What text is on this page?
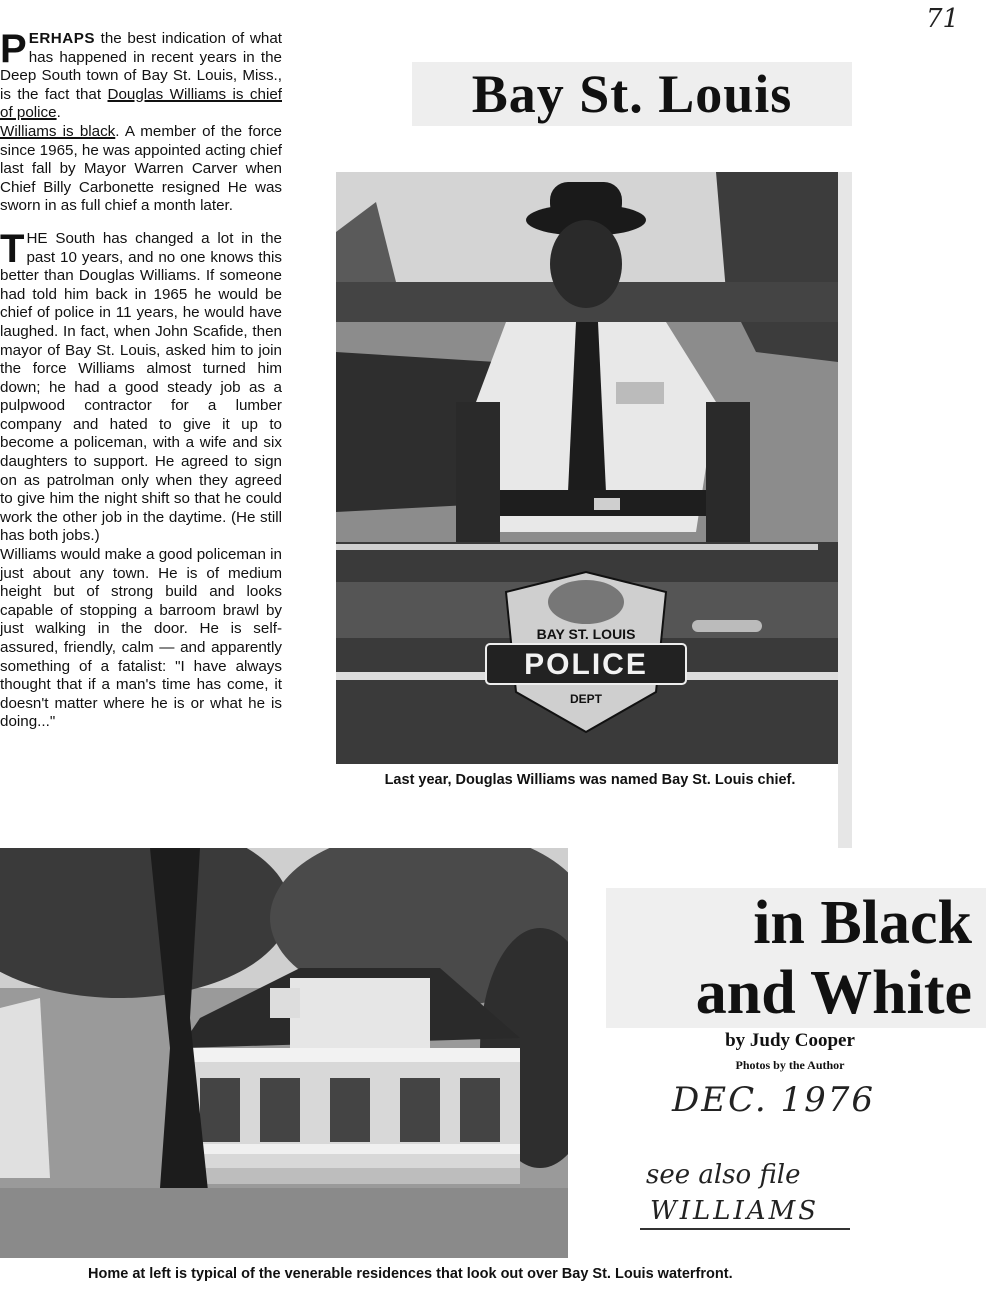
71

PERHAPS the best indication of what has happened in recent years in the Deep South town of Bay St. Louis, Miss., is the fact that Douglas Williams is chief of police.

Williams is black. A member of the force since 1965, he was appointed acting chief last fall by Mayor Warren Carver when Chief Billy Carbonette resigned He was sworn in as full chief a month later.

THE South has changed a lot in the past 10 years, and no one knows this better than Douglas Williams. If someone had told him back in 1965 he would be chief of police in 11 years, he would have laughed. In fact, when John Scafide, then mayor of Bay St. Louis, asked him to join the force Williams almost turned him down; he had a good steady job as a pulpwood contractor for a lumber company and hated to give it up to become a policeman, with a wife and six daughters to support. He agreed to sign on as patrolman only when they agreed to give him the night shift so that he could work the other job in the daytime. (He still has both jobs.)

Williams would make a good policeman in just about any town. He is of medium height but of strong build and looks capable of stopping a barroom brawl by just walking in the door. He is self-assured, friendly, calm — and apparently something of a fatalist: "I have always thought that if a man's time has come, it doesn't matter where he is or what he is doing..."

Bay St. Louis
BAY ST. LOUIS
POLICE
DEPT
Last year, Douglas Williams was named Bay St. Louis chief.
Home at left is typical of the venerable residences that look out over Bay St. Louis waterfront.
in Black
and White
by Judy Cooper
Photos by the Author
DEC. 1976
see also file
WILLIAMS
